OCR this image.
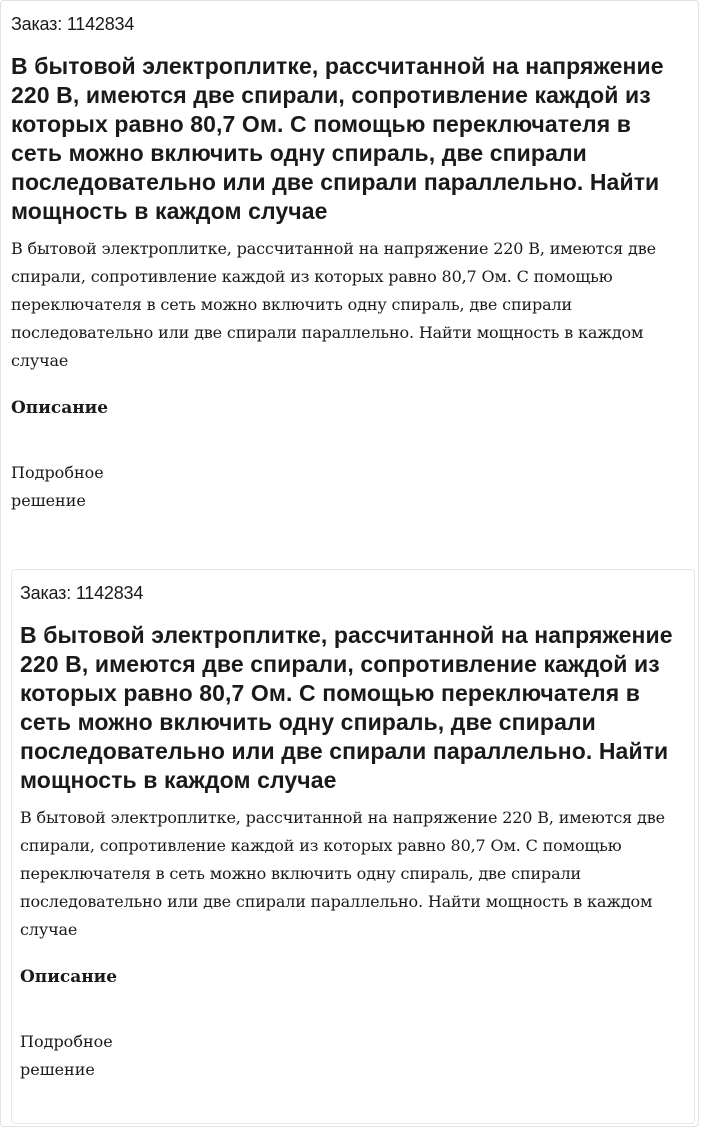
Заказ: 1142834

В бытовой электроплитке, рассчитанной на напряжение 220 В, имеются две спирали, сопротивление каждой из которых равно 80,7 Ом. С помощью переключателя в сеть можно включить одну спираль, две спирали последовательно или две спирали параллельно. Найти мощность в каждом случае

В бытовой электроплитке, рассчитанной на напряжение 220 В, имеются две спирали, сопротивление каждой из которых равно 80,7 Ом. С помощью переключателя в сеть можно включить одну спираль, две спирали последовательно или две спирали параллельно. Найти мощность в каждом случае

Описание

Подробное решение

Заказ: 1142834

В бытовой электроплитке, рассчитанной на напряжение 220 В, имеются две спирали, сопротивление каждой из которых равно 80,7 Ом. С помощью переключателя в сеть можно включить одну спираль, две спирали последовательно или две спирали параллельно. Найти мощность в каждом случае

В бытовой электроплитке, рассчитанной на напряжение 220 В, имеются две спирали, сопротивление каждой из которых равно 80,7 Ом. С помощью переключателя в сеть можно включить одну спираль, две спирали последовательно или две спирали параллельно. Найти мощность в каждом случае

Описание

Подробное решение
